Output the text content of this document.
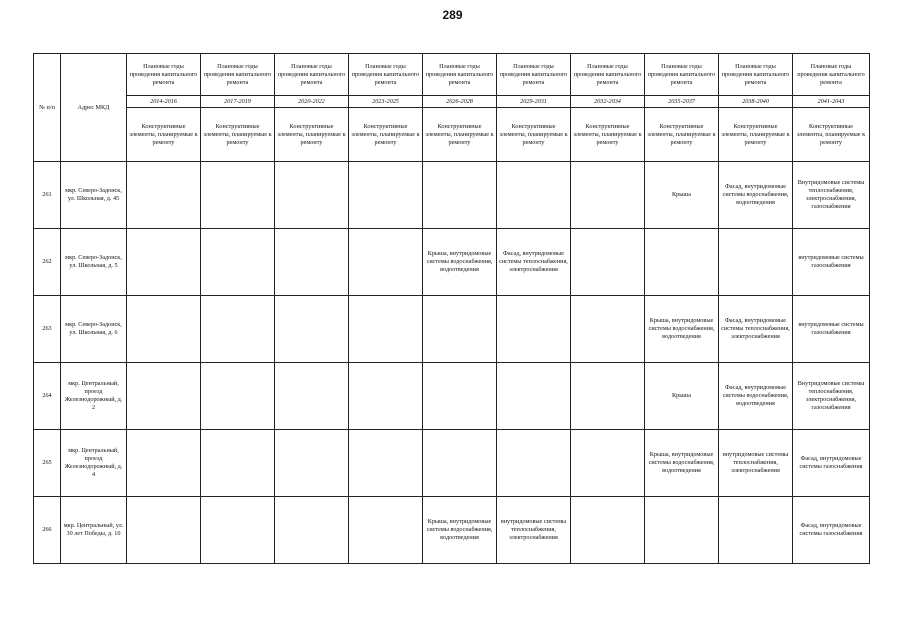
289
№ п/п	Адрес МКД	Плановые годы проведения капитального ремонта	Плановые годы проведения капитального ремонта	Плановые годы проведения капитального ремонта	Плановые годы проведения капитального ремонта	Плановые годы проведения капитального ремонта	Плановые годы проведения капитального ремонта	Плановые годы проведения капитального ремонта	Плановые годы проведения капитального ремонта	Плановые годы проведения капитального ремонта	Плановые годы проведения капитального ремонта
		2014-2016	2017-2019	2020-2022	2023-2025	2026-2028	2029-2031	2032-2034	2035-2037	2038-2040	2041-2043
		Конструктивные элементы, планируемые к ремонту	Конструктивные элементы, планируемые к ремонту	Конструктивные элементы, планируемые к ремонту	Конструктивные элементы, планируемые к ремонту	Конструктивные элементы, планируемые к ремонту	Конструктивные элементы, планируемые к ремонту	Конструктивные элементы, планируемые к ремонту	Конструктивные элементы, планируемые к ремонту	Конструктивные элементы, планируемые к ремонту	Конструктивные элементы, планируемые к ремонту
261	мкр. Северо-Задонск, ул. Школьная, д. 45								Крыша	Фасад, внутридомовые системы водоснабжения, водоотведения	Внутридомовые системы теплоснабжения, электроснабжения, газоснабжения
262	мкр. Северо-Задонск, ул. Школьная, д. 5					Крыша, внутридомовые системы водоснабжения, водоотведения	Фасад, внутридомовые системы теплоснабжения, электроснабжения				внутридомовые системы газоснабжения
263	мкр. Северо-Задонск, ул. Школьная, д. 6								Крыша, внутридомовые системы водоснабжения, водоотведения	Фасад, внутридомовые системы теплоснабжения, электроснабжения	внутридомовые системы газоснабжения
264	мкр. Центральный, проезд Железнодорожный, д. 2								Крыша	Фасад, внутридомовые системы водоснабжения, водоотведения	Внутридомовые системы теплоснабжения, электроснабжения, газоснабжения
265	мкр. Центральный, проезд Железнодорожный, д. 4								Крыша, внутридомовые системы водоснабжения, водоотведения	внутридомовые системы теплоснабжения, электроснабжения	Фасад, внутридомовые системы газоснабжения
266	мкр. Центральный, ул. 30 лет Победы, д. 10					Крыша, внутридомовые системы водоснабжения, водоотведения	внутридомовые системы теплоснабжения, электроснабжения				Фасад, внутридомовые системы газоснабжения
